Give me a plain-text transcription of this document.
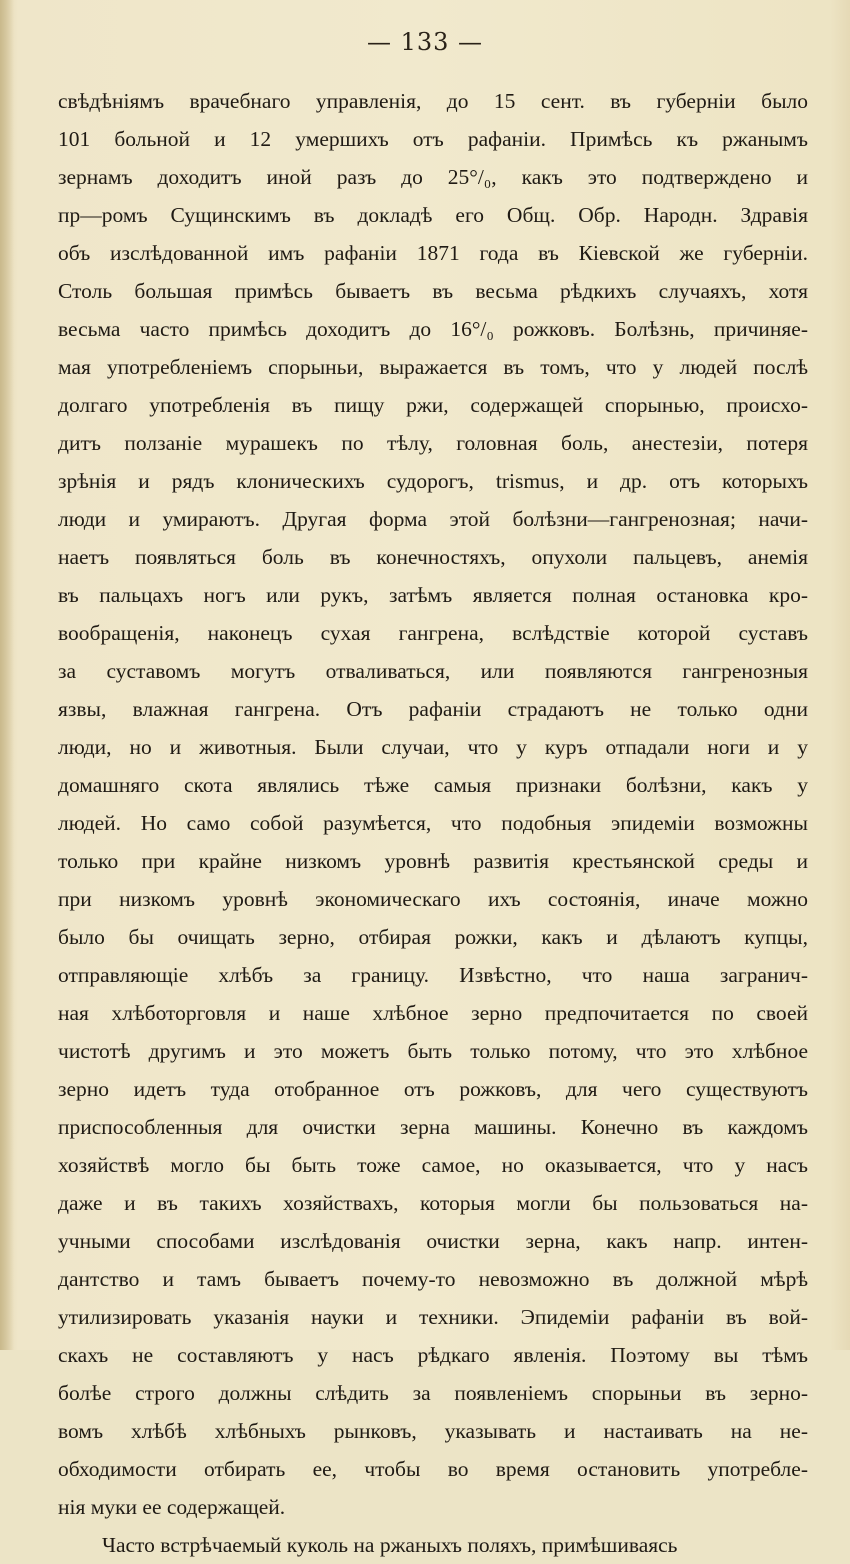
— 133 —
свѣдѣніямъ врачебнаго управленія, до 15 сент. въ губерніи было
101 больной и 12 умершихъ отъ рафаніи. Примѣсь къ ржанымъ
зернамъ доходитъ иной разъ до 25°/₀, какъ это подтверждено и
пр—ромъ Сущинскимъ въ докладѣ его Общ. Обр. Народн. Здравія
объ изслѣдованной имъ рафаніи 1871 года въ Кіевской же губерніи.
Столь большая примѣсь бываетъ въ весьма рѣдкихъ случаяхъ, хотя
весьма часто примѣсь доходитъ до 16°/₀ рожковъ. Болѣзнь, причиняе-
мая употребленіемъ спорыньи, выражается въ томъ, что у людей послѣ
долгаго употребленія въ пищу ржи, содержащей спорынью, происхо-
дитъ ползаніе мурашекъ по тѣлу, головная боль, анестезіи, потеря
зрѣнія и рядъ клоническихъ судорогъ, trismus, и др. отъ которыхъ
люди и умираютъ. Другая форма этой болѣзни—гангренозная; начи-
наетъ появляться боль въ конечностяхъ, опухоли пальцевъ, анемія
въ пальцахъ ногъ или рукъ, затѣмъ является полная остановка кро-
вообращенія, наконецъ сухая гангрена, вслѣдствіе которой суставъ
за суставомъ могутъ отваливаться, или появляются гангренозныя
язвы, влажная гангрена. Отъ рафаніи страдаютъ не только одни
люди, но и животныя. Были случаи, что у куръ отпадали ноги и у
домашняго скота являлись тѣже самыя признаки болѣзни, какъ у
людей. Но само собой разумѣется, что подобныя эпидеміи возможны
только при крайне низкомъ уровнѣ развитія крестьянской среды и
при низкомъ уровнѣ экономическаго ихъ состоянія, иначе можно
было бы очищать зерно, отбирая рожки, какъ и дѣлаютъ купцы,
отправляющіе хлѣбъ за границу. Извѣстно, что наша загранич-
ная хлѣботорговля и наше хлѣбное зерно предпочитается по своей
чистотѣ другимъ и это можетъ быть только потому, что это хлѣбное
зерно идетъ туда отобранное отъ рожковъ, для чего существуютъ
приспособленныя для очистки зерна машины. Конечно въ каждомъ
хозяйствѣ могло бы быть тоже самое, но оказывается, что у насъ
даже и въ такихъ хозяйствахъ, которыя могли бы пользоваться на-
учными способами изслѣдованія очистки зерна, какъ напр. интен-
дантство и тамъ бываетъ почему-то невозможно въ должной мѣрѣ
утилизировать указанія науки и техники. Эпидеміи рафаніи въ вой-
скахъ не составляютъ у насъ рѣдкаго явленія. Поэтому вы тѣмъ
болѣе строго должны слѣдить за появленіемъ спорыньи въ зерно-
вомъ хлѣбѣ хлѣбныхъ рынковъ, указывать и настаивать на не-
обходимости отбирать ее, чтобы во время остановить употребле-
нія муки ее содержащей.
Часто встрѣчаемый куколь на ржаныхъ поляхъ, примѣшиваясь
